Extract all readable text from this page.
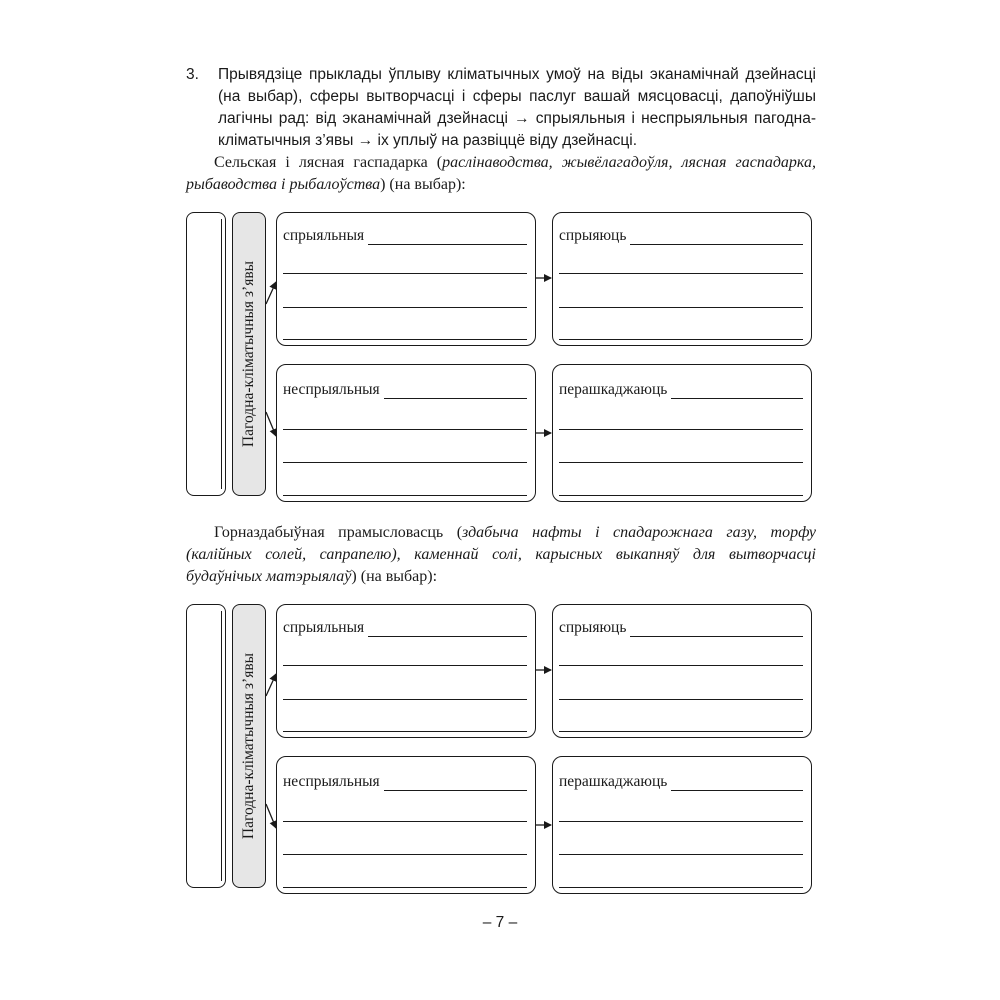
3. Прывядзіце прыклады ўплыву кліматычных умоў на віды эканамічнай дзейнасці (на выбар), сферы вытворчасці і сферы паслуг вашай мясцовасці, дапоўніўшы лагічны рад: від эканамічнай дзейнасці → спрыяльныя і неспрыяльныя пагодна-кліматычныя з’явы → іх уплыў на развіццё віду дзейнасці.
Сельская і лясная гаспадарка (раслінаводства, жывёлагадоўля, лясная гаспадарка, рыбаводства і рыбалоўства) (на выбар):
Пагодна-кліматычныя з’явы
спрыяльныя	спрыяюць
неспрыяльныя	перашкаджаюць
Горназдабыўная прамысловасць (здабыча нафты і спадарожнага газу, торфу (калійных солей, сапрапелю), каменнай солі, карысных выкапняў для вытворчасці будаўнічых матэрыялаў) (на выбар):
Пагодна-кліматычныя з’явы
спрыяльныя	спрыяюць
неспрыяльныя	перашкаджаюць
– 7 –
